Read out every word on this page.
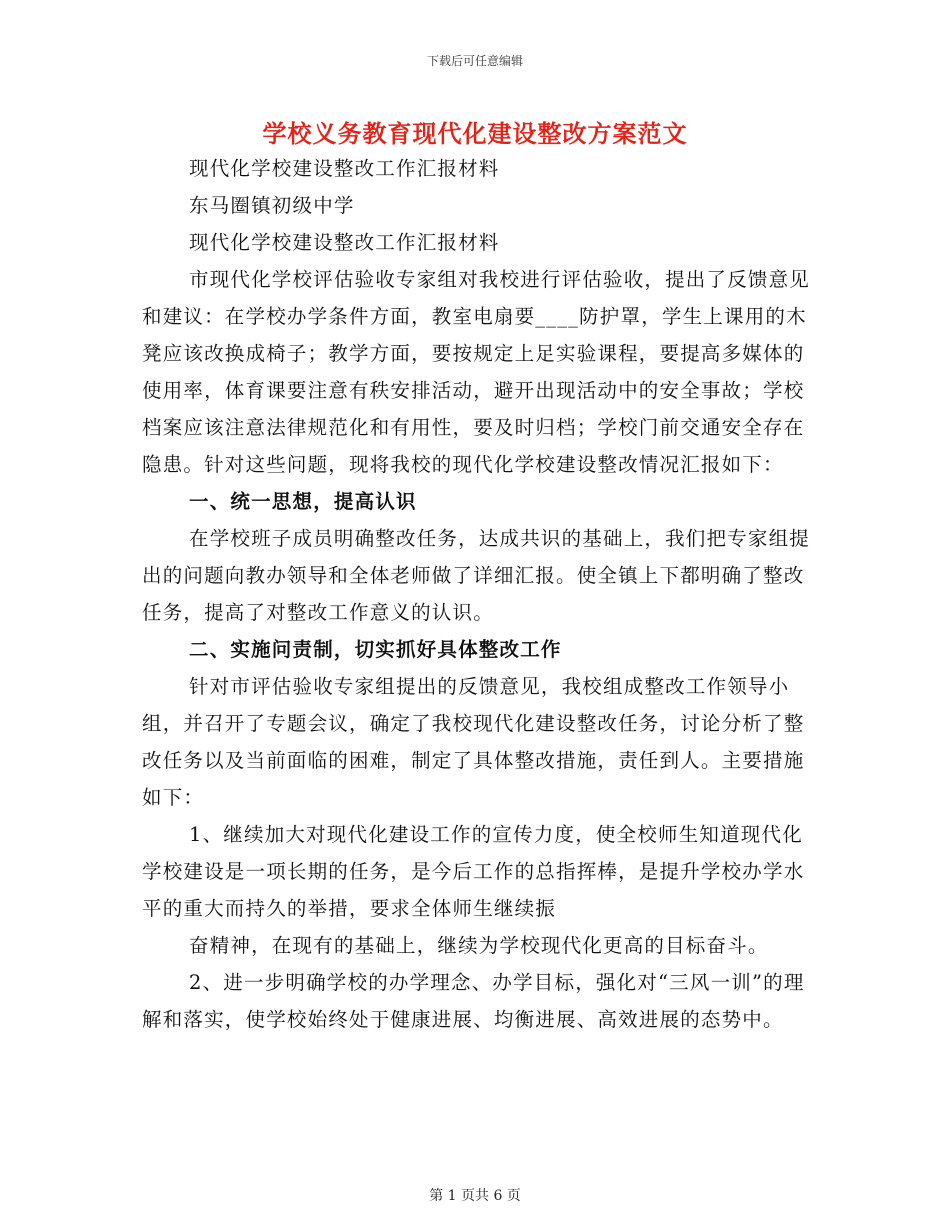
下载后可任意编辑
学校义务教育现代化建设整改方案范文

现代化学校建设整改工作汇报材料

东马圈镇初级中学

现代化学校建设整改工作汇报材料

市现代化学校评估验收专家组对我校进行评估验收，提出了反馈意见和建议：在学校办学条件方面，教室电扇要____防护罩，学生上课用的木凳应该改换成椅子；教学方面，要按规定上足实验课程，要提高多媒体的使用率，体育课要注意有秩安排活动，避开出现活动中的安全事故；学校档案应该注意法律规范化和有用性，要及时归档；学校门前交通安全存在隐患。针对这些问题，现将我校的现代化学校建设整改情况汇报如下：

一、统一思想，提高认识

在学校班子成员明确整改任务，达成共识的基础上，我们把专家组提出的问题向教办领导和全体老师做了详细汇报。使全镇上下都明确了整改任务，提高了对整改工作意义的认识。

二、实施问责制，切实抓好具体整改工作

针对市评估验收专家组提出的反馈意见，我校组成整改工作领导小组，并召开了专题会议，确定了我校现代化建设整改任务，讨论分析了整改任务以及当前面临的困难，制定了具体整改措施，责任到人。主要措施如下：

1、继续加大对现代化建设工作的宣传力度，使全校师生知道现代化学校建设是一项长期的任务，是今后工作的总指挥棒，是提升学校办学水平的重大而持久的举措，要求全体师生继续振

奋精神，在现有的基础上，继续为学校现代化更高的目标奋斗。

2、进一步明确学校的办学理念、办学目标，强化对“三风一训”的理解和落实，使学校始终处于健康进展、均衡进展、高效进展的态势中。

第 1 页共 6 页
